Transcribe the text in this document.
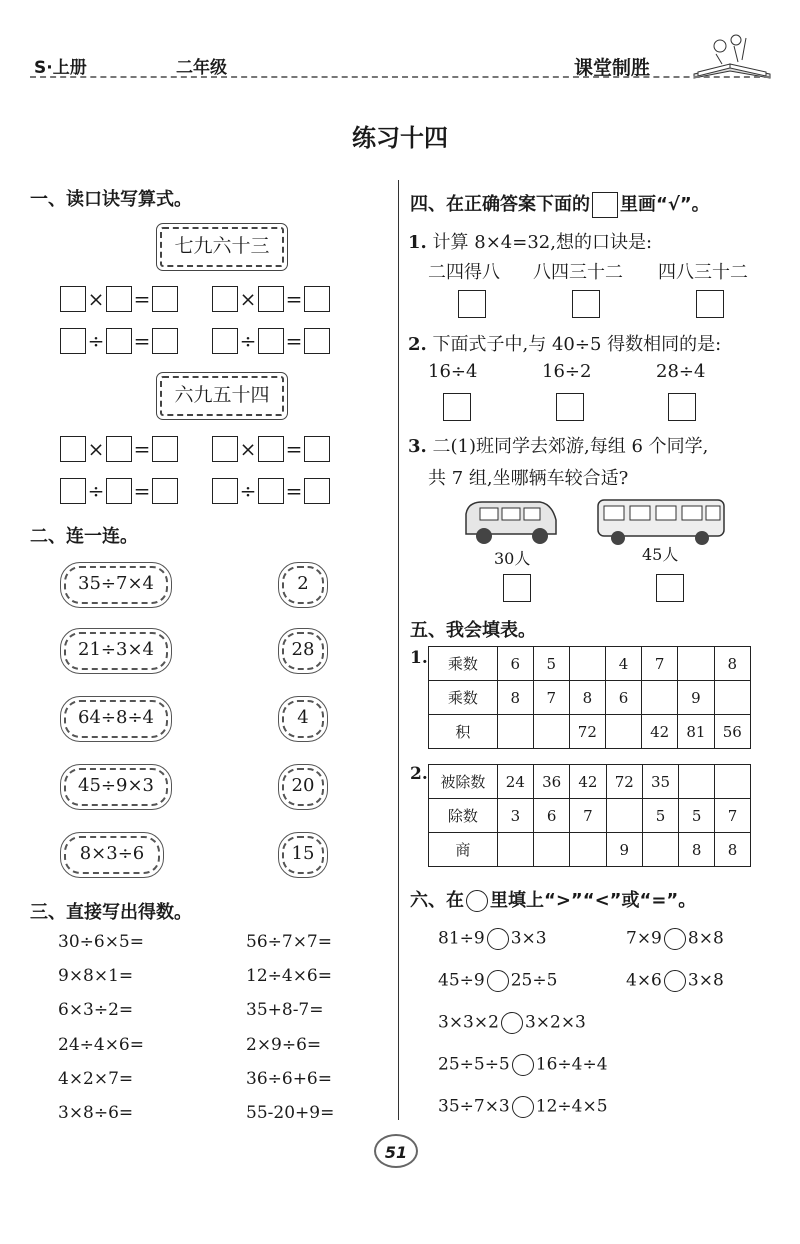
S·上册	二年级	课堂制胜
练习十四
一、读口诀写算式。
七九六十三
× =	× =
÷ =	÷ =
六九五十四
× =	× =
÷ =	÷ =
二、连一连。
35÷7×4
21÷3×4
64÷8÷4
45÷9×3
8×3÷6
2
28
4
20
15
三、直接写出得数。
30÷6×5=
9×8×1=
6×3÷2=
24÷4×6=
4×2×7=
3×8÷6=
56÷7×7=
12÷4×6=
35+8-7=
2×9÷6=
36÷6+6=
55-20+9=
四、在正确答案下面的 里画“√”。
1. 计算 8×4=32,想的口诀是:
二四得八 八四三十二 四八三十二
2. 下面式子中,与 40÷5 得数相同的是:
16÷4	16÷2	28÷4
3. 二(1)班同学去郊游,每组 6 个同学,
共 7 组,坐哪辆车较合适?
30人	45人
五、我会填表。
1. 乘数	6	5		4	7		8
乘数	8	7	8	6		9	
积			72		42	81	56
2. 被除数	24	36	42	72	35		
除数	3	6	7		5	5	7
商				9		8	8
六、在 里填上“>”“<”或“=”。
81÷9 3×3	7×9 8×8
45÷9 25÷5	4×6 3×8
3×3×2 3×2×3
25÷5÷5 16÷4÷4
35÷7×3 12÷4×5
51
